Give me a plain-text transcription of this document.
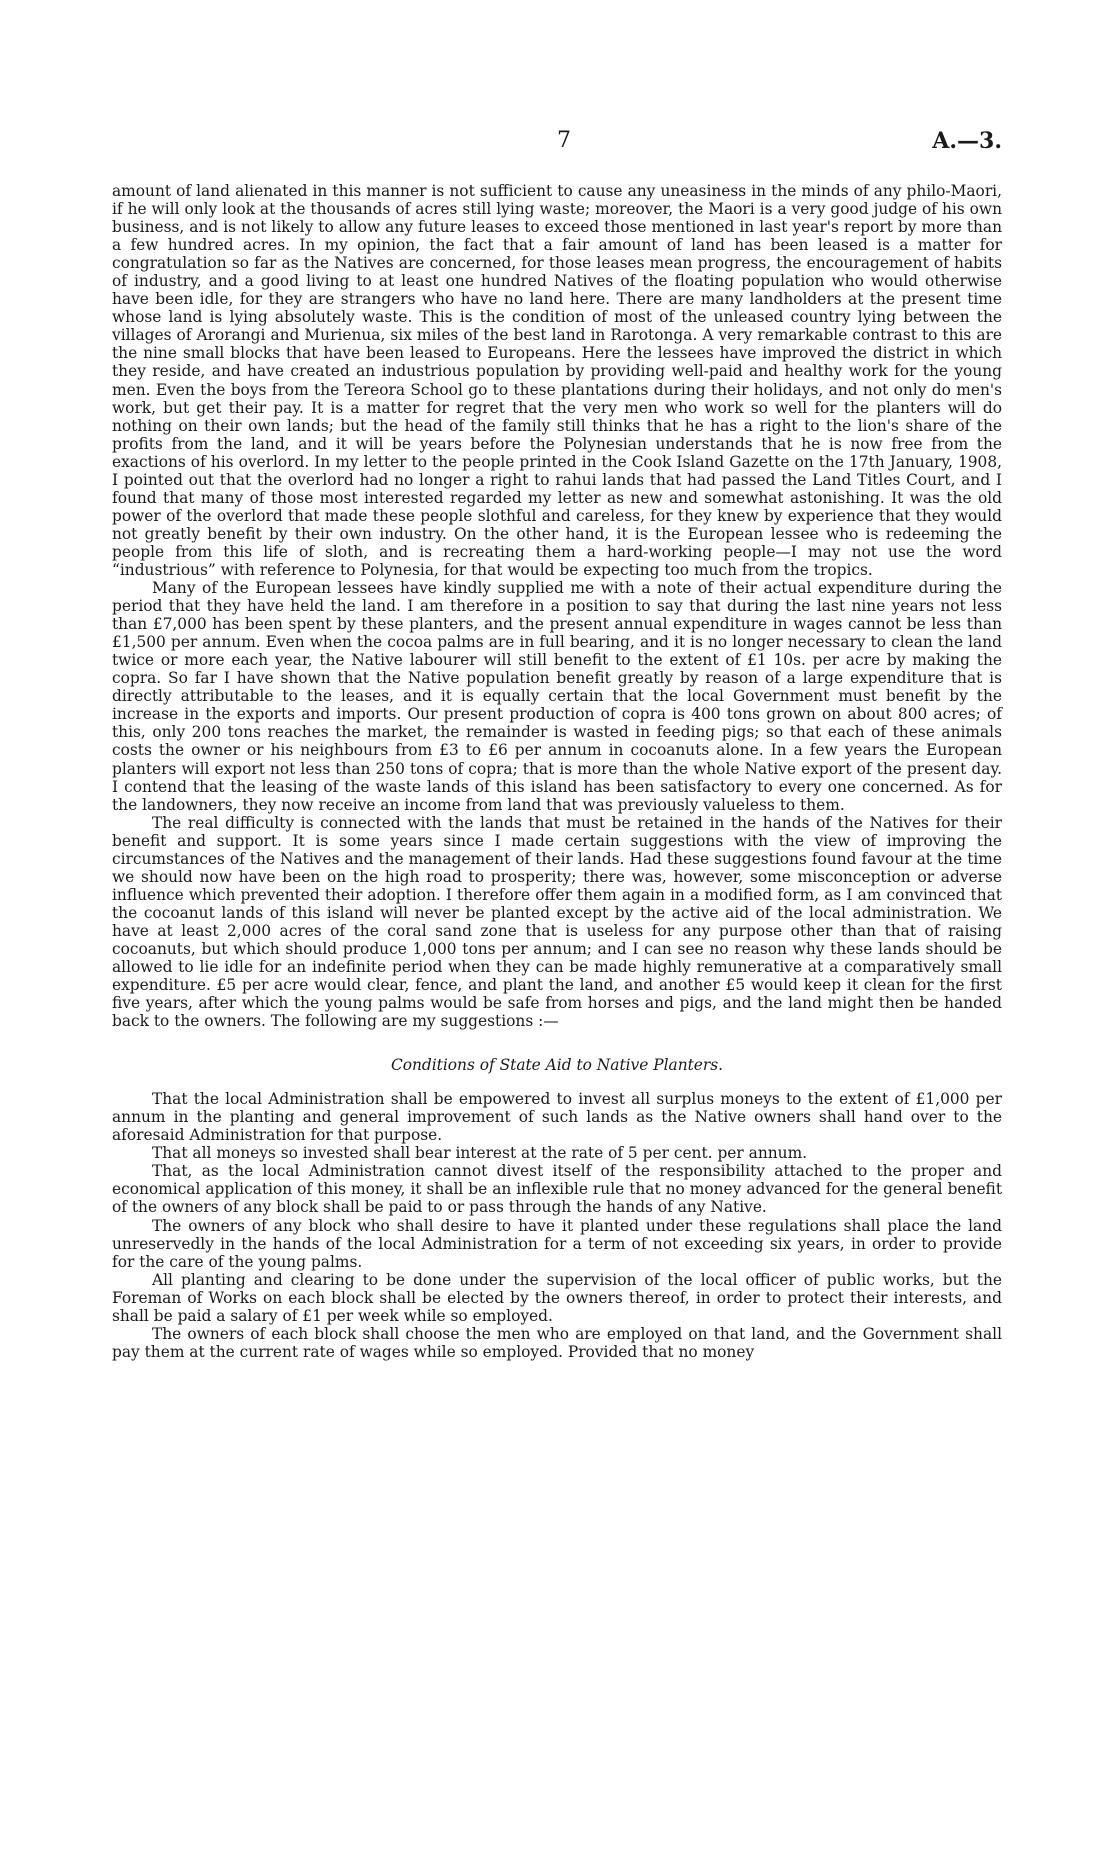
7	A.—3.

amount of land alienated in this manner is not sufficient to cause any uneasiness in the minds of any philo-Maori, if he will only look at the thousands of acres still lying waste; moreover, the Maori is a very good judge of his own business, and is not likely to allow any future leases to exceed those mentioned in last year's report by more than a few hundred acres. In my opinion, the fact that a fair amount of land has been leased is a matter for congratulation so far as the Natives are concerned, for those leases mean progress, the encouragement of habits of industry, and a good living to at least one hundred Natives of the floating population who would otherwise have been idle, for they are strangers who have no land here. There are many landholders at the present time whose land is lying absolutely waste. This is the condition of most of the unleased country lying between the villages of Arorangi and Murienua, six miles of the best land in Rarotonga. A very remarkable contrast to this are the nine small blocks that have been leased to Europeans. Here the lessees have improved the district in which they reside, and have created an industrious population by providing well-paid and healthy work for the young men. Even the boys from the Tereora School go to these plantations during their holidays, and not only do men's work, but get their pay. It is a matter for regret that the very men who work so well for the planters will do nothing on their own lands; but the head of the family still thinks that he has a right to the lion's share of the profits from the land, and it will be years before the Polynesian understands that he is now free from the exactions of his overlord. In my letter to the people printed in the Cook Island Gazette on the 17th January, 1908, I pointed out that the overlord had no longer a right to rahui lands that had passed the Land Titles Court, and I found that many of those most interested regarded my letter as new and somewhat astonishing. It was the old power of the overlord that made these people slothful and careless, for they knew by experience that they would not greatly benefit by their own industry. On the other hand, it is the European lessee who is redeeming the people from this life of sloth, and is recreating them a hard-working people—I may not use the word “industrious” with reference to Polynesia, for that would be expecting too much from the tropics.

Many of the European lessees have kindly supplied me with a note of their actual expenditure during the period that they have held the land. I am therefore in a position to say that during the last nine years not less than £7,000 has been spent by these planters, and the present annual expenditure in wages cannot be less than £1,500 per annum. Even when the cocoa palms are in full bearing, and it is no longer necessary to clean the land twice or more each year, the Native labourer will still benefit to the extent of £1 10s. per acre by making the copra. So far I have shown that the Native population benefit greatly by reason of a large expenditure that is directly attributable to the leases, and it is equally certain that the local Government must benefit by the increase in the exports and imports. Our present production of copra is 400 tons grown on about 800 acres; of this, only 200 tons reaches the market, the remainder is wasted in feeding pigs; so that each of these animals costs the owner or his neighbours from £3 to £6 per annum in cocoanuts alone. In a few years the European planters will export not less than 250 tons of copra; that is more than the whole Native export of the present day. I contend that the leasing of the waste lands of this island has been satisfactory to every one concerned. As for the landowners, they now receive an income from land that was previously valueless to them.

The real difficulty is connected with the lands that must be retained in the hands of the Natives for their benefit and support. It is some years since I made certain suggestions with the view of improving the circumstances of the Natives and the management of their lands. Had these suggestions found favour at the time we should now have been on the high road to prosperity; there was, however, some misconception or adverse influence which prevented their adoption. I therefore offer them again in a modified form, as I am convinced that the cocoanut lands of this island will never be planted except by the active aid of the local administration. We have at least 2,000 acres of the coral sand zone that is useless for any purpose other than that of raising cocoanuts, but which should produce 1,000 tons per annum; and I can see no reason why these lands should be allowed to lie idle for an indefinite period when they can be made highly remunerative at a comparatively small expenditure. £5 per acre would clear, fence, and plant the land, and another £5 would keep it clean for the first five years, after which the young palms would be safe from horses and pigs, and the land might then be handed back to the owners. The following are my suggestions :—

Conditions of State Aid to Native Planters.

That the local Administration shall be empowered to invest all surplus moneys to the extent of £1,000 per annum in the planting and general improvement of such lands as the Native owners shall hand over to the aforesaid Administration for that purpose.

That all moneys so invested shall bear interest at the rate of 5 per cent. per annum.

That, as the local Administration cannot divest itself of the responsibility attached to the proper and economical application of this money, it shall be an inflexible rule that no money advanced for the general benefit of the owners of any block shall be paid to or pass through the hands of any Native.

The owners of any block who shall desire to have it planted under these regulations shall place the land unreservedly in the hands of the local Administration for a term of not exceeding six years, in order to provide for the care of the young palms.

All planting and clearing to be done under the supervision of the local officer of public works, but the Foreman of Works on each block shall be elected by the owners thereof, in order to protect their interests, and shall be paid a salary of £1 per week while so employed.

The owners of each block shall choose the men who are employed on that land, and the Government shall pay them at the current rate of wages while so employed. Provided that no money
